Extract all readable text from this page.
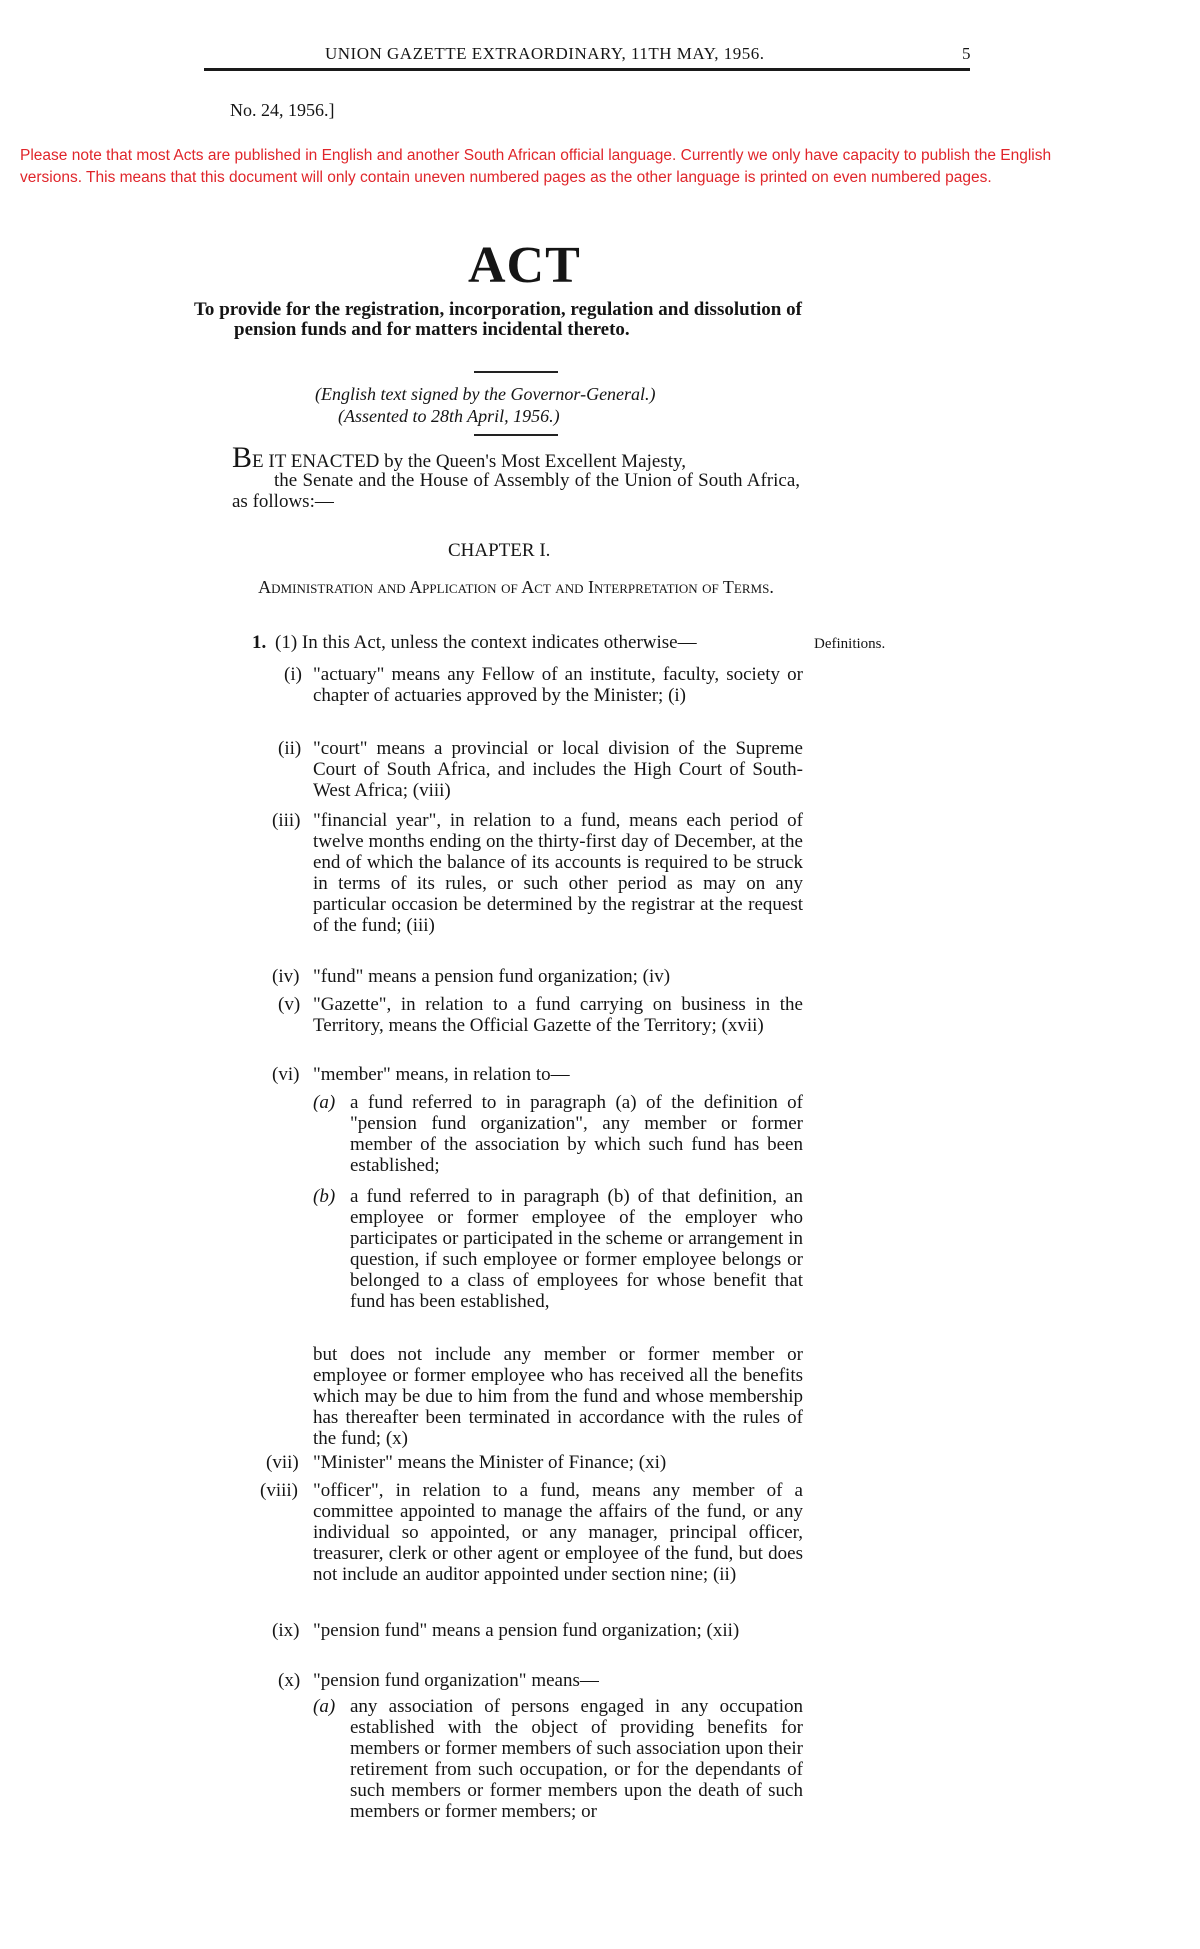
UNION GAZETTE EXTRAORDINARY, 11TH MAY, 1956.	5
No. 24, 1956.]
Please note that most Acts are published in English and another South African official language. Currently we only have capacity to publish the English
versions. This means that this document will only contain uneven numbered pages as the other language is printed on even numbered pages.
ACT
To provide for the registration, incorporation, regulation and dissolution of pension funds and for matters incidental thereto.
(English text signed by the Governor-General.)
(Assented to 28th April, 1956.)
BE IT ENACTED by the Queen's Most Excellent Majesty,
the Senate and the House of Assembly of the Union of South Africa, as follows:—
CHAPTER I.
Administration and Application of Act and Interpretation of Terms.
1. (1) In this Act, unless the context indicates otherwise—	Definitions.
(i) "actuary" means any Fellow of an institute, faculty, society or chapter of actuaries approved by the Minister; (i)
(ii) "court" means a provincial or local division of the Supreme Court of South Africa, and includes the High Court of South-West Africa; (viii)
(iii) "financial year", in relation to a fund, means each period of twelve months ending on the thirty-first day of December, at the end of which the balance of its accounts is required to be struck in terms of its rules, or such other period as may on any particular occasion be determined by the registrar at the request of the fund; (iii)
(iv) "fund" means a pension fund organization; (iv)
(v) "Gazette", in relation to a fund carrying on business in the Territory, means the Official Gazette of the Territory; (xvii)
(vi) "member" means, in relation to—
(a) a fund referred to in paragraph (a) of the definition of "pension fund organization", any member or former member of the association by which such fund has been established;
(b) a fund referred to in paragraph (b) of that definition, an employee or former employee of the employer who participates or participated in the scheme or arrangement in question, if such employee or former employee belongs or belonged to a class of employees for whose benefit that fund has been established,
but does not include any member or former member or employee or former employee who has received all the benefits which may be due to him from the fund and whose membership has thereafter been terminated in accordance with the rules of the fund; (x)
(vii) "Minister" means the Minister of Finance; (xi)
(viii) "officer", in relation to a fund, means any member of a committee appointed to manage the affairs of the fund, or any individual so appointed, or any manager, principal officer, treasurer, clerk or other agent or employee of the fund, but does not include an auditor appointed under section nine; (ii)
(ix) "pension fund" means a pension fund organization; (xii)
(x) "pension fund organization" means—
(a) any association of persons engaged in any occupation established with the object of providing benefits for members or former members of such association upon their retirement from such occupation, or for the dependants of such members or former members upon the death of such members or former members; or
